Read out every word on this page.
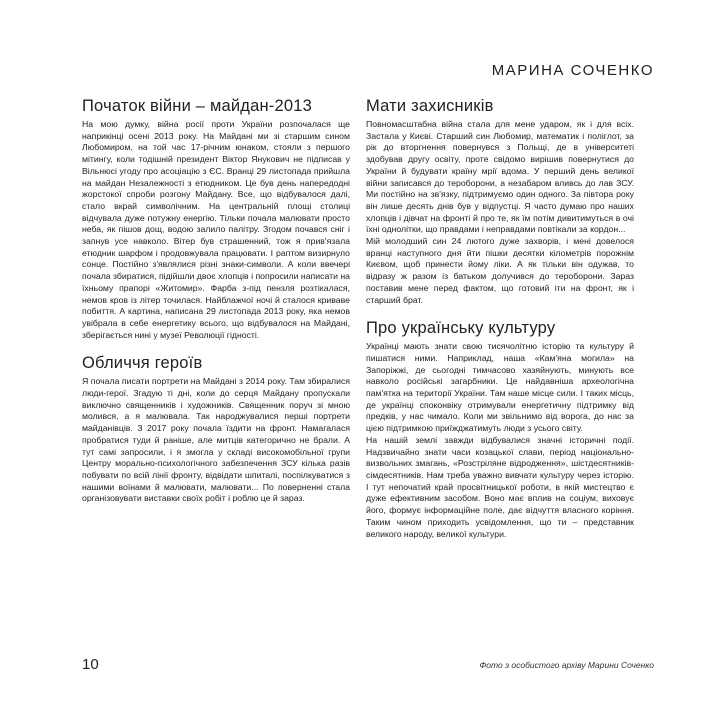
МАРИНА СОЧЕНКО
Початок війни – майдан-2013

На мою думку, війна росії проти України розпочалася ще наприкінці осені 2013 року. На Майдані ми зі старшим сином Любомиром, на той час 17-річним юнаком, стояли з першого мітингу, коли тодішній президент Віктор Янукович не підписав у Вільнюсі угоду про асоціацію з ЄС. Вранці 29 листопада прийшла на майдан Незалежності з етюдником. Це був день напередодні жорстокої спроби розгону Майдану. Все, що відбувалося далі, стало вкрай символічним. На центральній площі столиці відчувала дуже потужну енергію. Тільки почала малювати просто неба, як пішов дощ, водою залило палітру. Згодом почався сніг і запнув усе навколо. Вітер був страшенний, тож я прив'язала етюдник шарфом і продовжувала працювати. І раптом визирнуло сонце. Постійно з'являлися різні знаки-символи. А коли ввечері почала збиратися, підійшли двоє хлопців і попросили написати на їхньому прапорі «Житомир». Фарба з-під пензля розтікалася, немов кров із літер точилася. Найблажчої ночі й сталося криваве побиття. А картина, написана 29 листопада 2013 року, яка немов увібрала в себе енергетику всього, що відбувалося на Майдані, зберігається нині у музеї Революції гідності.

Обличчя героїв

Я почала писати портрети на Майдані з 2014 року. Там збиралися люди-герої. Згадую ті дні, коли до серця Майдану пропускали виключно священників і художників. Священник поруч зі мною молився, а я малювала. Так народжувалися перші портрети майданівців. З 2017 року почала їздити на фронт. Намагалася пробратися туди й раніше, але митців категорично не брали. А тут самі запросили, і я змогла у складі високомобільної групи Центру морально-психологічного забезпечення ЗСУ кілька разів побувати по всій лінії фронту, відвідати шпиталі, поспілкуватися з нашими воїнами й малювати, малювати... По поверненні стала організовувати виставки своїх робіт і роблю це й зараз.

Мати захисників

Повномасштабна війна стала для мене ударом, як і для всіх. Застала у Києві. Старший син Любомир, математик і поліглот, за рік до вторгнення повернувся з Польщі, де в університеті здобував другу освіту, проте свідомо вирішив повернутися до України й будувати країну мрії вдома. У перший день великої війни записався до тероборони, а незабаром вливсь до лав ЗСУ. Ми постійно на зв'язку, підтримуємо один одного. За півтора року він лише десять днів був у відпустці. Я часто думаю про наших хлопців і дівчат на фронті й про те, як їм потім дивитимуться в очі їхні однолітки, що правдами і неправдами повтікали за кордон...

Мій молодший син 24 лютого дуже захворів, і мені довелося вранці наступного дня йти пішки десятки кілометрів порожнім Києвом, щоб принести йому ліки. А як тільки він одужав, то відразу ж разом із батьком долучився до тероборони. Зараз поставив мене перед фактом, що готовий іти на фронт, як і старший брат.

Про українську культуру

Українці мають знати свою тисячолітню історію та культуру й пишатися ними. Наприклад, наша «Кам'яна могила» на Запоріжжі, де сьогодні тимчасово хазяйнують, минують все навколо російські загарбники. Це найдавніша археологічна пам'ятка на території України. Там наше місце сили. І таких місць, де українці споконвіку отримували енергетичну підтримку від предків, у нас чимало. Коли ми звільнимо від ворога, до нас за цією підтримкою приїжджатимуть люди з усього світу.

На нашій землі завжди відбувалися значні історичні події. Надзвичайно знати часи козацької слави, період національно-визвольних змагань, «Розстріляне відродження», шістдесятників-сімдесятників. Нам треба уважно вивчати культуру через історію. І тут непочатий край просвітницької роботи, в якій мистецтво є дуже ефективним засобом. Воно має вплив на соціум, виховує його, формує інформаційне поле, дає відчуття власного коріння. Таким чином приходить усвідомлення, що ти – представник великого народу, великої культури.

10	Фото з особистого архіву Марини Соченко
